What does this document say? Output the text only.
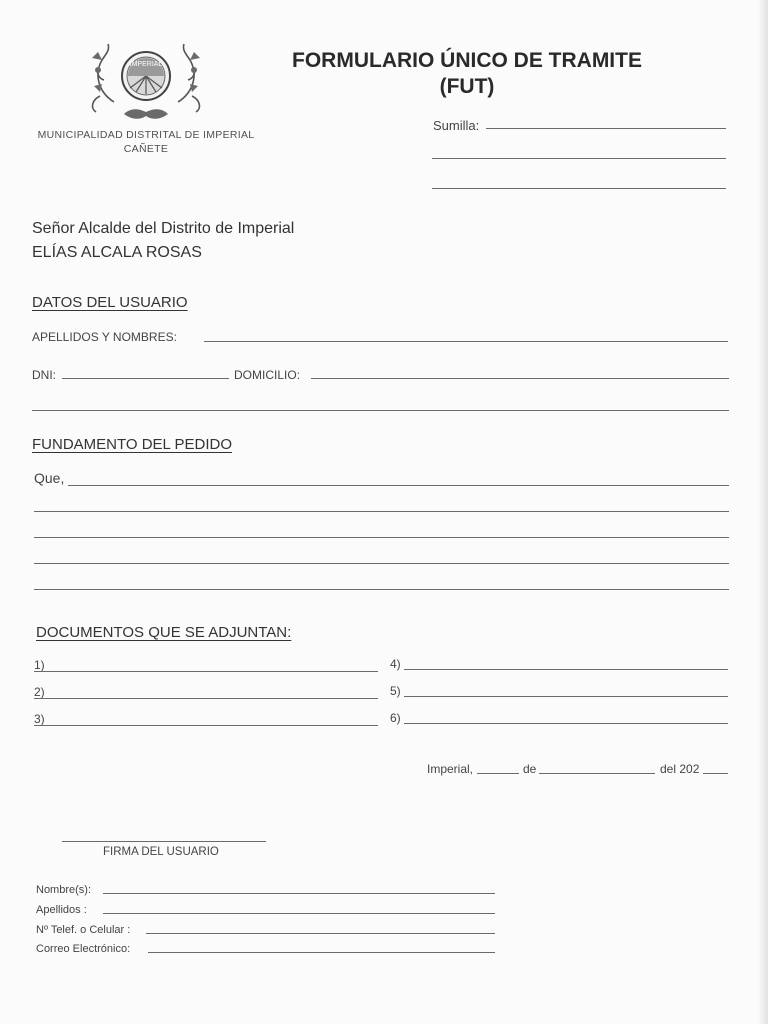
IMPERIAL
MUNICIPALIDAD DISTRITAL DE IMPERIAL
CAÑETE
FORMULARIO ÚNICO DE TRAMITE
(FUT)
Sumilla:
Señor Alcalde del Distrito de Imperial
ELÍAS ALCALA ROSAS
DATOS DEL USUARIO
APELLIDOS Y NOMBRES:
DNI:	DOMICILIO:
FUNDAMENTO DEL PEDIDO
Que,
DOCUMENTOS QUE SE ADJUNTAN:
1)
2)
3)
4)
5)
6)
Imperial,	de	del 202
FIRMA DEL USUARIO
Nombre(s):
Apellidos :
Nº Telef. o Celular :
Correo Electrónico:
